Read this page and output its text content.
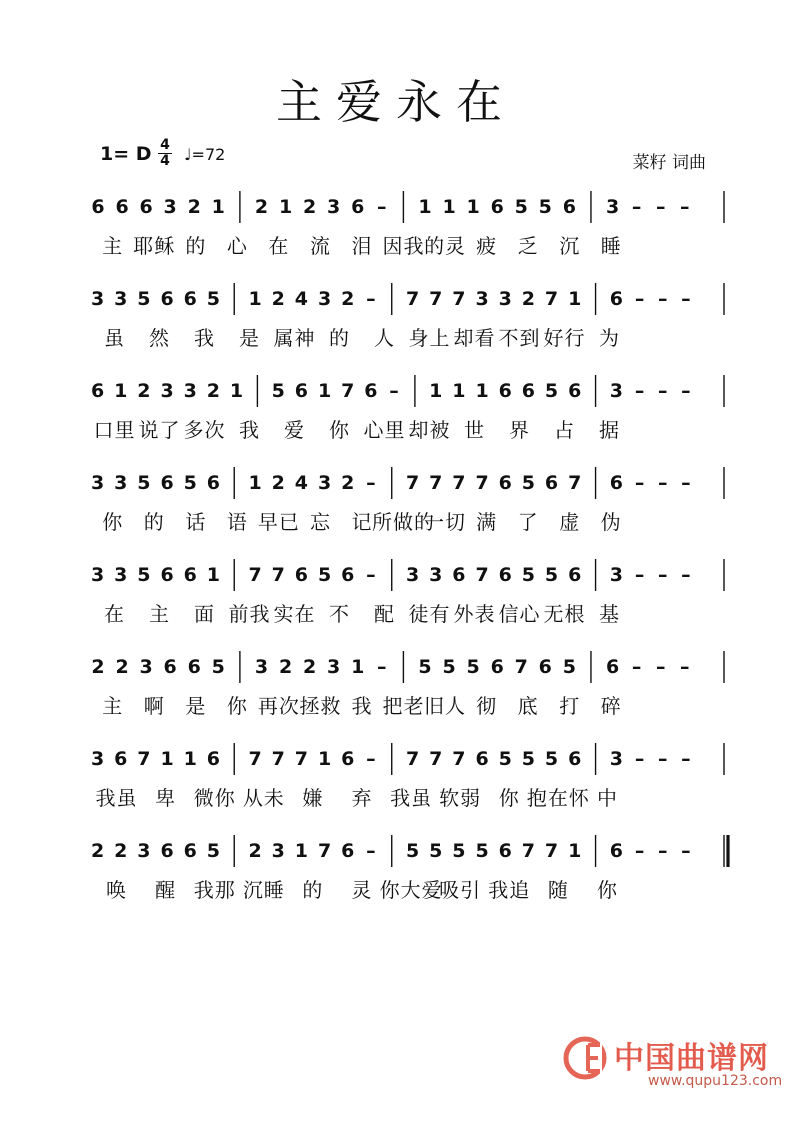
主爱永在
1= D 4
4 ♩=72	菜籽 词曲
6 6 6 3 2 1 2 1 2 3 6 – 1 1 1 6 5 5 6 3 – – –
主 耶稣 的 心 在 流 泪 因我 的灵 疲 乏 沉 睡
3 3 5 6 6 5 1 2 4 3 2 – 7 7 7 3 3 2 7 1 6 – – –
虽 然 我 是 属神 的 人 身上 却看 不到 好行 为
6 1 2 3 3 2 1 5 6 1 7 6 – 1 1 1 6 6 5 6 3 – – –
口里 说了 多次 我 爱 你 心里 却被 世 界 占 据
3 3 5 6 5 6 1 2 4 3 2 – 7 7 7 7 6 5 6 7 6 – – –
你 的 话 语 早已 忘 记 所做的
一切 满 了 虚 伪
3 3 5 6 6 1 7 7 6 5 6 – 3 3 6 7 6 5 5 6 3 – – –
在 主 面 前我 实在 不 配 徒有 外表 信心 无根 基
2 2 3 6 6 5 3 2 2 3 1 – 5 5 5 6 7 6 5 6 – – –
主 啊 是 你 再次 拯救 我 把老 旧人 彻 底 打 碎
3 6 7 1 1 6 7 7 7 1 6 – 7 7 7 6 5 5 5 6 3 – – –
我虽 卑 微你 从未 嫌 弃 我虽 软弱 你 抱在怀 中
2 2 3 6 6 5 2 3 1 7 6 – 5 5 5 5 6 7 7 1 6 – – –
唤 醒 我那 沉睡 的 灵 你大爱
吸引 我追 随 你
中国曲谱网
www.qupu123.com
